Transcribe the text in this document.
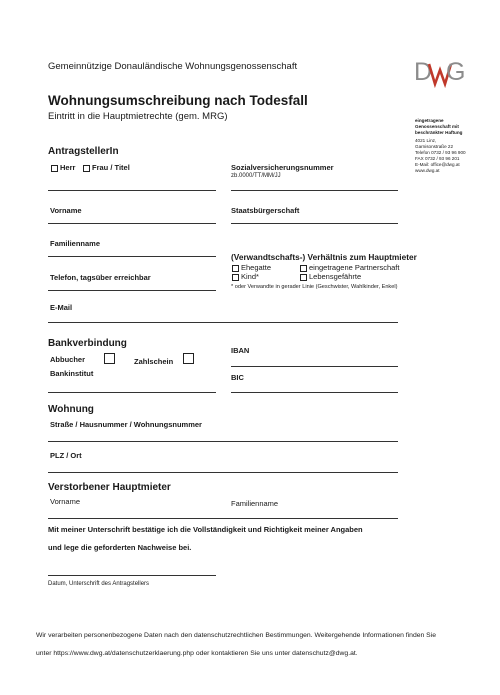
Gemeinnützige Donauländische Wohnungsgenossenschaft
Wohnungsumschreibung nach Todesfall
Eintritt in die Hauptmietrechte (gem. MRG)
D G
eingetragene
Genossenschaft mit
beschränkter Haftung
4021 Linz,
Garnisonstraße 22
Telefon 0732 / 93 96 900
FAX 0732 / 93 96 201
E-Mail: office@dwg.at
www.dwg.at
AntragstellerIn
Herr Frau / Titel	Sozialversicherungsnummer
zb.0000/TT/MM/JJ
Vorname	Staatsbürgerschaft
Familienname
(Verwandtschafts-) Verhältnis zum Hauptmieter
Ehegatte	eingetragene Partnerschaft
Kind*	Lebensgefährte
* oder Verwandte in gerader Linie (Geschwister, Wahlkinder, Enkel)
Telefon, tagsüber erreichbar
E-Mail
Bankverbindung
Abbucher	Zahlschein
Bankinstitut
IBAN
BIC
Wohnung
Straße / Hausnummer / Wohnungsnummer
PLZ / Ort
Verstorbener Hauptmieter
Vorname	Familienname
Mit meiner Unterschrift bestätige ich die Vollständigkeit und Richtigkeit meiner Angaben
und lege die geforderten Nachweise bei.
Datum, Unterschrift des Antragstellers
Wir verarbeiten personenbezogene Daten nach den datenschutzrechtlichen Bestimmungen. Weitergehende Informationen finden Sie
unter https://www.dwg.at/datenschutzerklaerung.php oder kontaktieren Sie uns unter datenschutz@dwg.at.
